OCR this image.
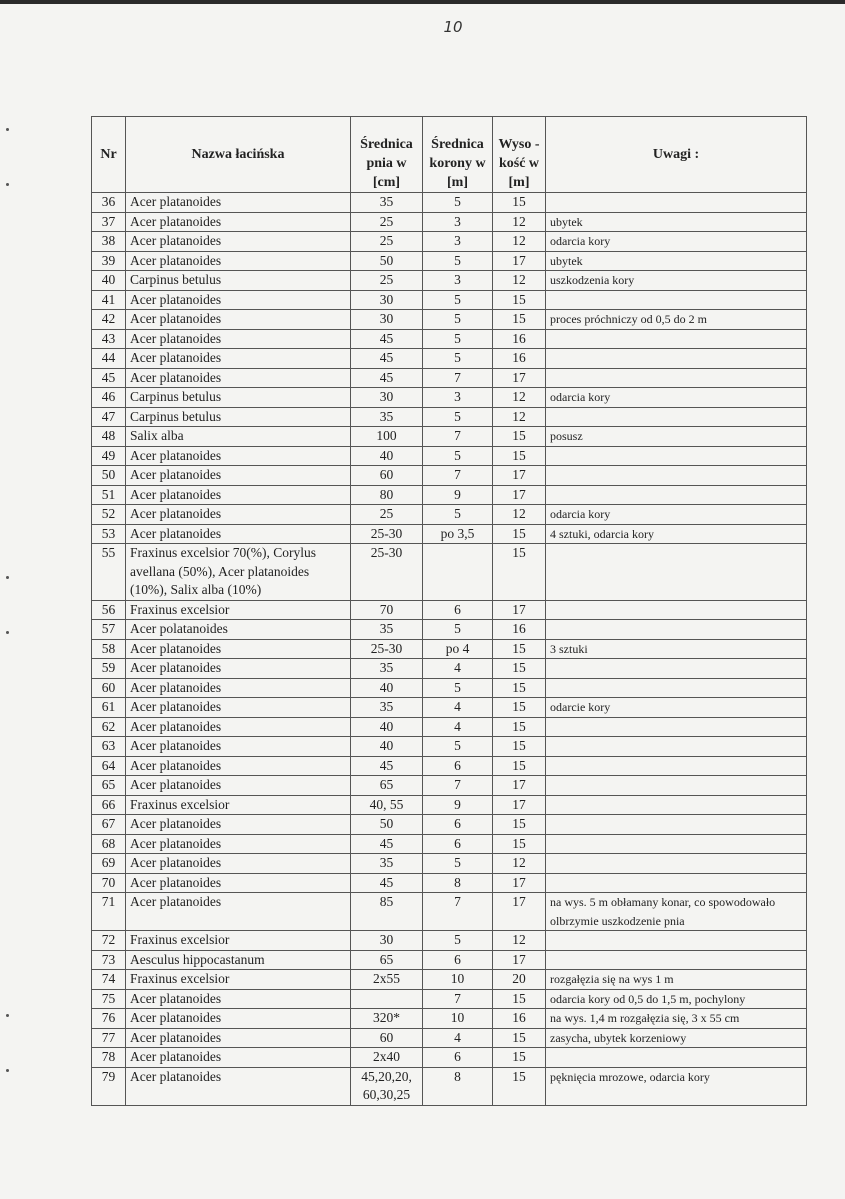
10
Nr	Nazwa łacińska	Średnica pnia w [cm]	Średnica korony w [m]	Wyso -kość w [m]	Uwagi :
36	Acer platanoides	35	5	15	
37	Acer platanoides	25	3	12	ubytek
38	Acer platanoides	25	3	12	odarcia kory
39	Acer platanoides	50	5	17	ubytek
40	Carpinus betulus	25	3	12	uszkodzenia kory
41	Acer platanoides	30	5	15	
42	Acer platanoides	30	5	15	proces próchniczy od 0,5 do 2 m
43	Acer platanoides	45	5	16	
44	Acer platanoides	45	5	16	
45	Acer platanoides	45	7	17	
46	Carpinus betulus	30	3	12	odarcia kory
47	Carpinus betulus	35	5	12	
48	Salix alba	100	7	15	posusz
49	Acer platanoides	40	5	15	
50	Acer platanoides	60	7	17	
51	Acer platanoides	80	9	17	
52	Acer platanoides	25	5	12	odarcia kory
53	Acer platanoides	25-30	po 3,5	15	4 sztuki, odarcia kory
55	Fraxinus excelsior 70(%), Corylus avellana (50%), Acer platanoides (10%), Salix alba (10%)	25-30		15	
56	Fraxinus excelsior	70	6	17	
57	Acer polatanoides	35	5	16	
58	Acer platanoides	25-30	po 4	15	3 sztuki
59	Acer platanoides	35	4	15	
60	Acer platanoides	40	5	15	
61	Acer platanoides	35	4	15	odarcie kory
62	Acer platanoides	40	4	15	
63	Acer platanoides	40	5	15	
64	Acer platanoides	45	6	15	
65	Acer platanoides	65	7	17	
66	Fraxinus excelsior	40, 55	9	17	
67	Acer platanoides	50	6	15	
68	Acer platanoides	45	6	15	
69	Acer platanoides	35	5	12	
70	Acer platanoides	45	8	17	
71	Acer platanoides	85	7	17	na wys. 5 m obłamany konar, co spowodowało olbrzymie uszkodzenie pnia
72	Fraxinus excelsior	30	5	12	
73	Aesculus hippocastanum	65	6	17	
74	Fraxinus excelsior	2x55	10	20	rozgałęzia się na wys 1 m
75	Acer platanoides		7	15	odarcia kory od 0,5 do 1,5 m, pochylony
76	Acer platanoides	320*	10	16	na wys. 1,4 m rozgałęzia się, 3 x 55 cm
77	Acer platanoides	60	4	15	zasycha, ubytek korzeniowy
78	Acer platanoides	2x40	6	15	
79	Acer platanoides	45,20,20, 60,30,25	8	15	pęknięcia mrozowe, odarcia kory
